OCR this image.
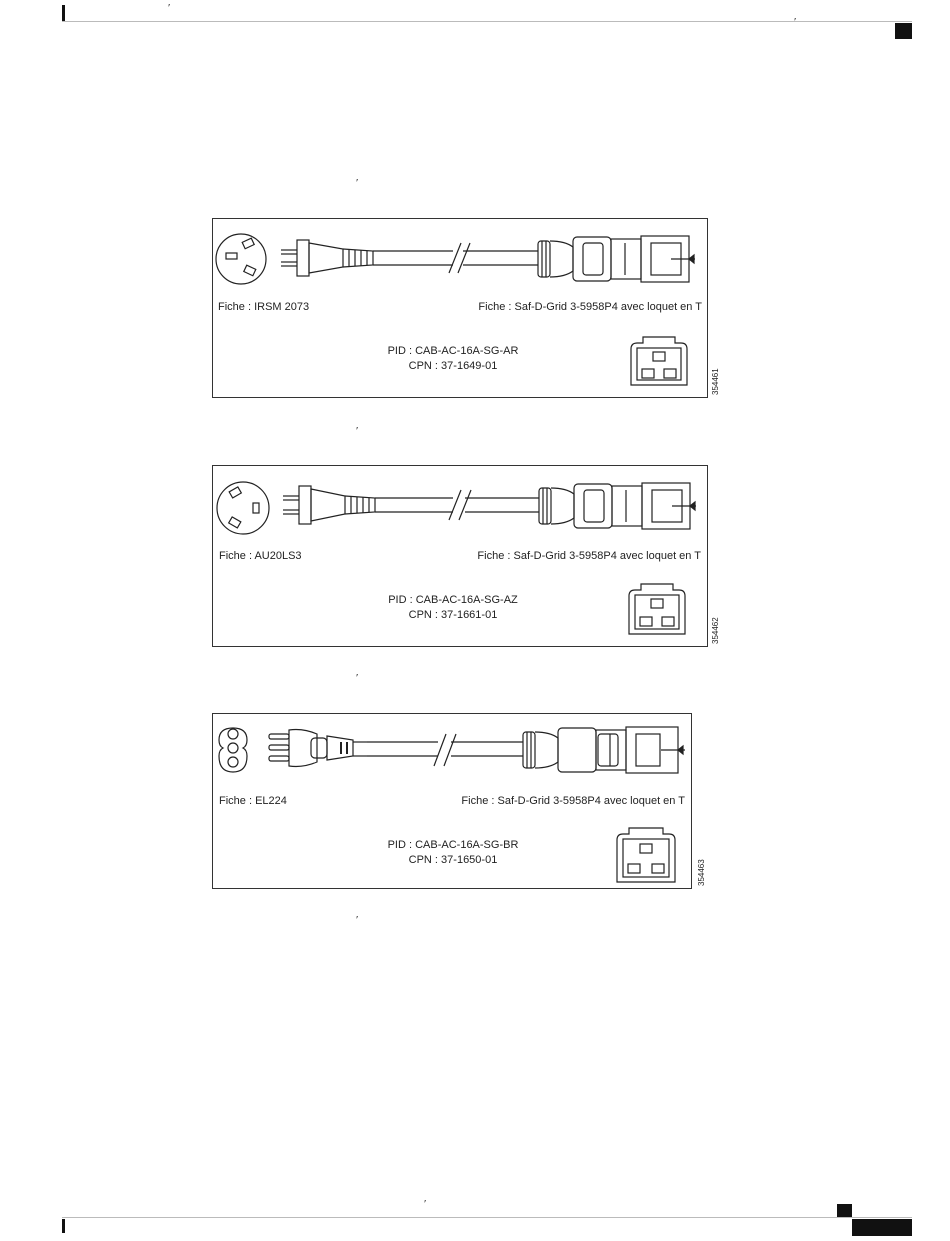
′
′
′
′
′
′
Fiche : IRSM 2073	Fiche : Saf-D-Grid 3-5958P4 avec loquet en T
PID : CAB-AC-16A-SG-AR
CPN : 37-1649-01
354461
Fiche : AU20LS3	Fiche : Saf-D-Grid 3-5958P4 avec loquet en T
PID : CAB-AC-16A-SG-AZ
CPN : 37-1661-01
354462
Fiche : EL224	Fiche : Saf-D-Grid 3-5958P4 avec loquet en T
PID : CAB-AC-16A-SG-BR
CPN : 37-1650-01	354463
′
